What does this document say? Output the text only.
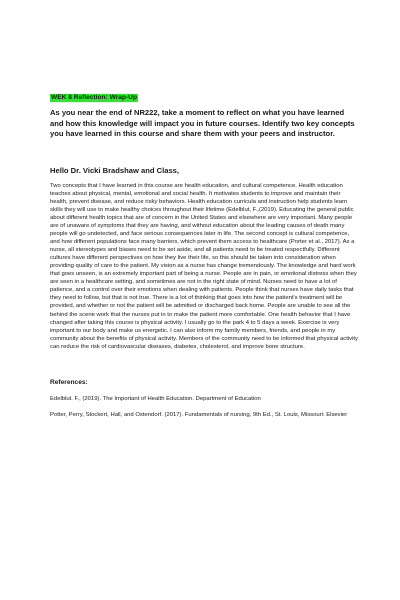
WEK 8 Reflection: Wrap-Up

As you near the end of NR222, take a moment to reflect on what you have learned and how this knowledge will impact you in future courses. Identify two key concepts you have learned in this course and share them with your peers and instructor.

Hello Dr. Vicki Bradshaw and Class,

Two concepts that I have learned in this course are health education, and cultural competence. Health education teaches about physical, mental, emotional and social health. It motivates students to improve and maintain their health, prevent disease, and reduce risky behaviors. Health education curricula and instruction help students learn skills they will use to make healthy choices throughout their lifetime (Edelblut, F.,(2019). Educating the general public about different health topics that are of concern in the United States and elsewhere are very important. Many people are of unaware of symptoms that they are having, and without education about the leading causes of death many people will go undetected, and face serious consequences later in life. The second concept is cultural competence, and how different populations face many barriers, which prevent them access to healthcare (Porter et al., 2017). As a nurse, all stereotypes and biases need to be set aside, and all patients need to be treated respectfully. Different cultures have different perspectives on how they live their life, so this should be taken into consideration when providing quality of care to the patient. My vision as a nurse has change tremendously. The knowledge and hard work that goes unseen, is an extremely important part of being a nurse. People are in pain, or emotional distress when they are seen in a healthcare setting, and sometimes are not in the right state of mind. Nurses need to have a lot of patience, and a control over their emotions when dealing with patients. People think that nurses have daily tasks that they need to follow, but that is not true. There is a lot of thinking that goes into how the patient's treatment will be provided, and whether or not the patient will be admitted or discharged back home. People are unable to see all the behind the scene work that the nurses put in to make the patient more comfortable. One health behavior that I have changed after taking this course is physical activity. I usually go to the park 4 to 5 days a week. Exercise is very important to our body and make us energetic. I can also inform my family members, friends, and people in my community about the benefits of physical activity. Members of the community need to be informed that physical activity can reduce the risk of cardiovascular diseases, diabetes, cholesterol, and improve bone structure.

References:

Edelblut. F., (2019). The Important of Health Education. Department of Education

Potter, Perry, Stockert, Hall, and Ostendorf. (2017). Fundamentals of nursing, 9th Ed., St. Louis, Missouri: Elsevier
